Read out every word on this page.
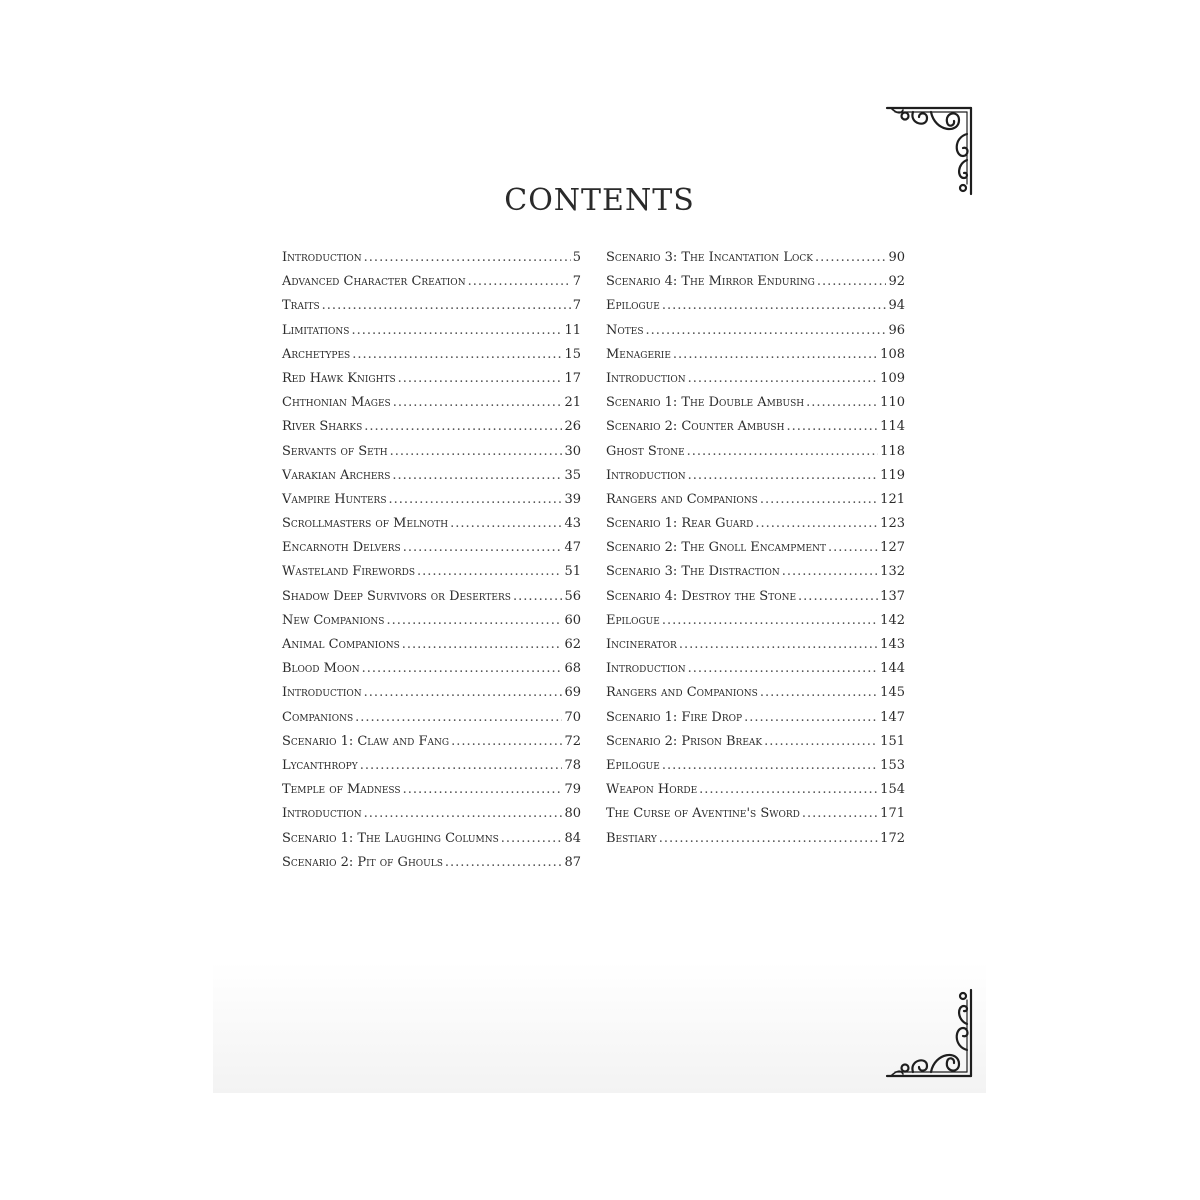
CONTENTS
Introduction .....	5
Advanced Character Creation .....	7
Traits .....	7
Limitations .....	11
Archetypes .....	15
Red Hawk Knights .....	17
Chthonian Mages .....	21
River Sharks .....	26
Servants of Seth .....	30
Varakian Archers .....	35
Vampire Hunters .....	39
Scrollmasters of Melnoth .....	43
Encarnoth Delvers .....	47
Wasteland Firewords .....	51
Shadow Deep Survivors or Deserters .....	56
New Companions .....	60
Animal Companions .....	62
Blood Moon .....	68
Introduction .....	69
Companions .....	70
Scenario 1: Claw and Fang .....	72
Lycanthropy .....	78
Temple of Madness .....	79
Introduction .....	80
Scenario 1: The Laughing Columns .....	84
Scenario 2: Pit of Ghouls .....	87
Scenario 3: The Incantation Lock .....	90
Scenario 4: The Mirror Enduring .....	92
Epilogue .....	94
Notes .....	96
Menagerie .....	108
Introduction .....	109
Scenario 1: The Double Ambush .....	110
Scenario 2: Counter Ambush .....	114
Ghost Stone .....	118
Introduction .....	119
Rangers and Companions .....	121
Scenario 1: Rear Guard .....	123
Scenario 2: The Gnoll Encampment .....	127
Scenario 3: The Distraction .....	132
Scenario 4: Destroy the Stone .....	137
Epilogue .....	142
Incinerator .....	143
Introduction .....	144
Rangers and Companions .....	145
Scenario 1: Fire Drop .....	147
Scenario 2: Prison Break .....	151
Epilogue .....	153
Weapon Horde .....	154
The Curse of Aventine's Sword .....	171
Bestiary .....	172
